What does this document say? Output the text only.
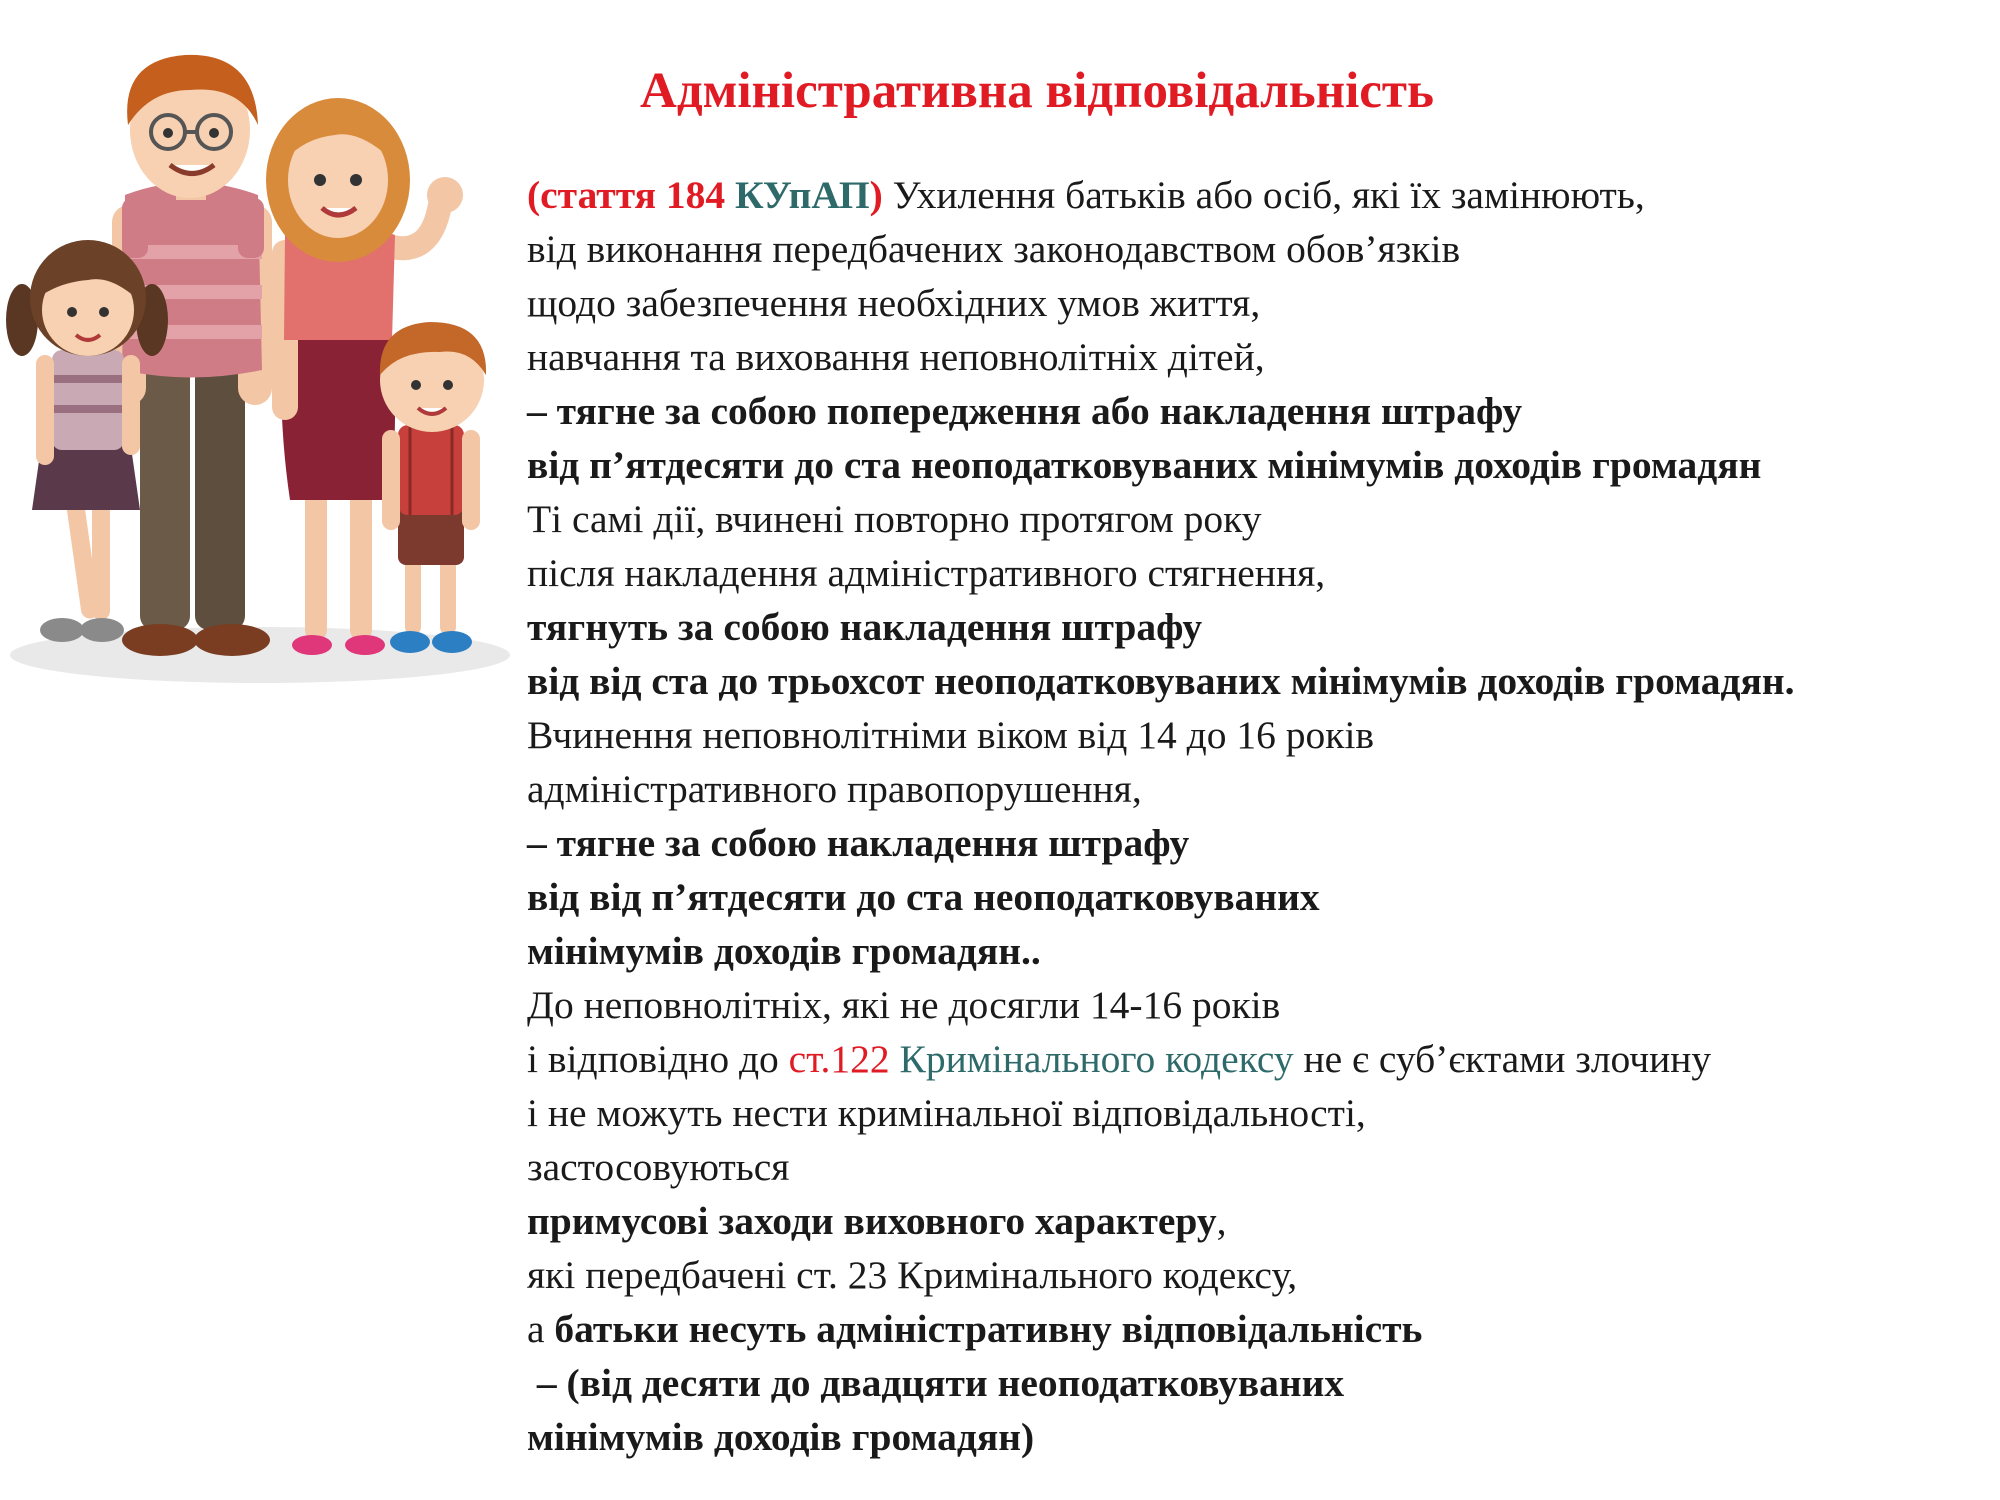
Адміністративна відповідальність
(стаття 184 КУпАП) Ухилення батьків або осіб, які їх замінюють,
від виконання передбачених законодавством обов’язків
щодо забезпечення необхідних умов життя,
навчання та виховання неповнолітніх дітей,
– тягне за собою попередження або накладення штрафу
від п’ятдесяти до ста неоподатковуваних мінімумів доходів громадян
Ті самі дії, вчинені повторно протягом року
після накладення адміністративного стягнення,
тягнуть за собою накладення штрафу
від від ста до трьохсот неоподатковуваних мінімумів доходів громадян.
Вчинення неповнолітніми віком від 14 до 16 років
адміністративного правопорушення,
– тягне за собою накладення штрафу
від від п’ятдесяти до ста неоподатковуваних
мінімумів доходів громадян..
До неповнолітніх, які не досягли 14-16 років
і відповідно до ст.122 Кримінального кодексу не є суб’єктами злочину
і не можуть нести кримінальної відповідальності,
застосовуються
примусові заходи виховного характеру,
які передбачені ст. 23 Кримінального кодексу,
а батьки несуть адміністративну відповідальність
– (від десяти до двадцяти неоподатковуваних
мінімумів доходів громадян)
